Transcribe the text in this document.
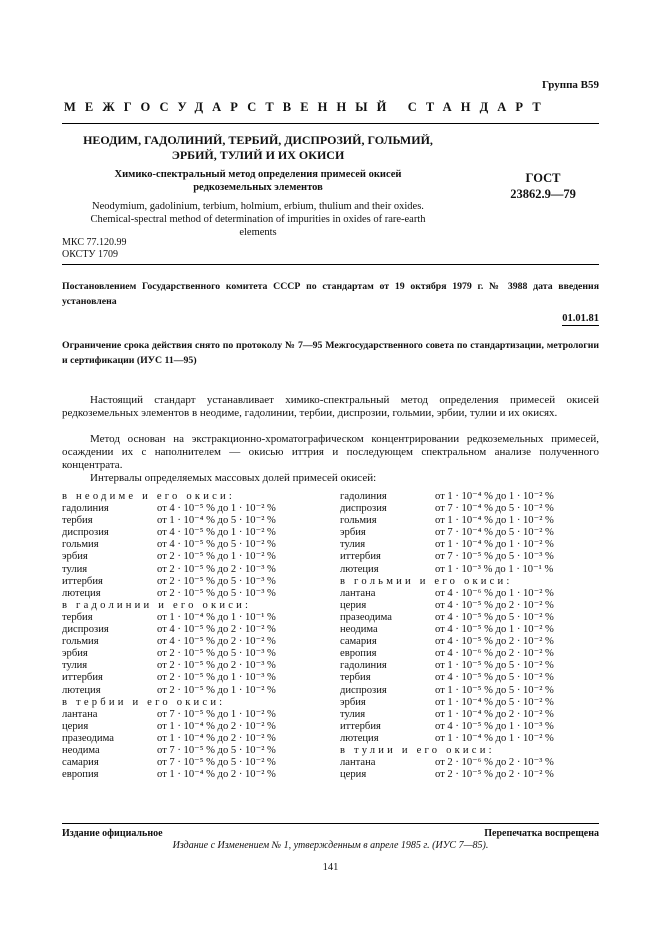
Группа В59
МЕЖГОСУДАРСТВЕННЫЙ СТАНДАРТ
НЕОДИМ, ГАДОЛИНИЙ, ТЕРБИЙ, ДИСПРОЗИЙ, ГОЛЬМИЙ,
ЭРБИЙ, ТУЛИЙ И ИХ ОКИСИ
Химико-спектральный метод определения примесей окисей
редкоземельных элементов
Neodymium, gadolinium, terbium, holmium, erbium, thulium and their oxides.
Chemical-spectral method of determination of impurities in oxides of rare-earth
elements
ГОСТ
23862.9—79
МКС 77.120.99
ОКСТУ 1709
Постановлением Государственного комитета СССР по стандартам от 19 октября 1979 г. № 3988 дата введения установлена
01.01.81
Ограничение срока действия снято по протоколу № 7—95 Межгосударственного совета по стандартизации, метрологии и сертификации (ИУС 11—95)
Настоящий стандарт устанавливает химико-спектральный метод определения примесей окисей редкоземельных элементов в неодиме, гадолинии, тербии, диспрозии, гольмии, эрбии, тулии и их окисях.
Метод основан на экстракционно-хроматографическом концентрировании редкоземельных примесей, осаждении их с наполнителем — окисью иттрия и последующем спектральном анализе полученного концентрата.
Интервалы определяемых массовых долей примесей окисей:
в неодиме и его окиси:
гадолиния	от 4 · 10⁻⁵ % до 1 · 10⁻² %
тербия	от 1 · 10⁻⁴ % до 5 · 10⁻² %
диспрозия	от 4 · 10⁻⁵ % до 1 · 10⁻² %
гольмия	от 4 · 10⁻⁵ % до 5 · 10⁻² %
эрбия	от 2 · 10⁻⁵ % до 1 · 10⁻² %
тулия	от 2 · 10⁻⁵ % до 2 · 10⁻³ %
иттербия	от 2 · 10⁻⁵ % до 5 · 10⁻³ %
лютеция	от 2 · 10⁻⁵ % до 5 · 10⁻³ %
в гадолинии и его окиси:
тербия	от 1 · 10⁻⁴ % до 1 · 10⁻¹ %
диспрозия	от 4 · 10⁻⁵ % до 2 · 10⁻² %
гольмия	от 4 · 10⁻⁵ % до 2 · 10⁻² %
эрбия	от 2 · 10⁻⁵ % до 5 · 10⁻³ %
тулия	от 2 · 10⁻⁵ % до 2 · 10⁻³ %
иттербия	от 2 · 10⁻⁵ % до 1 · 10⁻³ %
лютеция	от 2 · 10⁻⁵ % до 1 · 10⁻² %
в тербии и его окиси:
лантана	от 7 · 10⁻⁵ % до 1 · 10⁻² %
церия	от 1 · 10⁻⁴ % до 2 · 10⁻² %
празеодима	от 1 · 10⁻⁴ % до 2 · 10⁻² %
неодима	от 7 · 10⁻⁵ % до 5 · 10⁻² %
самария	от 7 · 10⁻⁵ % до 5 · 10⁻² %
европия	от 1 · 10⁻⁴ % до 2 · 10⁻² %
гадолиния	от 1 · 10⁻⁴ % до 1 · 10⁻² %
диспрозия	от 7 · 10⁻⁴ % до 5 · 10⁻² %
гольмия	от 1 · 10⁻⁴ % до 1 · 10⁻² %
эрбия	от 7 · 10⁻⁴ % до 5 · 10⁻² %
тулия	от 1 · 10⁻⁴ % до 1 · 10⁻² %
иттербия	от 7 · 10⁻⁵ % до 5 · 10⁻³ %
лютеция	от 1 · 10⁻³ % до 1 · 10⁻¹ %
в гольмии и его окиси:
лантана	от 4 · 10⁻⁶ % до 1 · 10⁻² %
церия	от 4 · 10⁻⁵ % до 2 · 10⁻² %
празеодима	от 4 · 10⁻⁵ % до 5 · 10⁻² %
неодима	от 4 · 10⁻⁵ % до 1 · 10⁻² %
самария	от 4 · 10⁻⁵ % до 2 · 10⁻² %
европия	от 4 · 10⁻⁶ % до 2 · 10⁻² %
гадолиния	от 1 · 10⁻⁵ % до 5 · 10⁻² %
тербия	от 4 · 10⁻⁵ % до 5 · 10⁻² %
диспрозия	от 1 · 10⁻⁵ % до 5 · 10⁻² %
эрбия	от 1 · 10⁻⁴ % до 5 · 10⁻² %
тулия	от 1 · 10⁻⁴ % до 2 · 10⁻² %
иттербия	от 4 · 10⁻⁵ % до 1 · 10⁻³ %
лютеция	от 1 · 10⁻⁴ % до 1 · 10⁻² %
в тулии и его окиси:
лантана	от 2 · 10⁻⁶ % до 2 · 10⁻³ %
церия	от 2 · 10⁻⁵ % до 2 · 10⁻² %
Издание официальное	Перепечатка воспрещена
Издание с Изменением № 1, утвержденным в апреле 1985 г. (ИУС 7—85).
141
